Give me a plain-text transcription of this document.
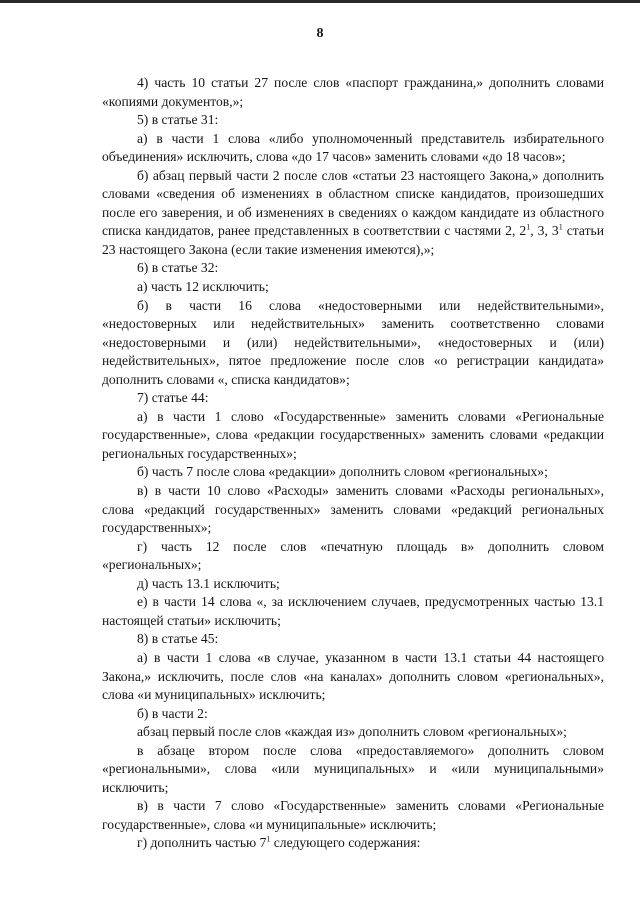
8

4) часть 10 статьи 27 после слов «паспорт гражданина,» дополнить словами «копиями документов,»;

5) в статье 31:

а) в части 1 слова «либо уполномоченный представитель избирательного объединения» исключить, слова «до 17 часов» заменить словами «до 18 часов»;

б) абзац первый части 2 после слов «статьи 23 настоящего Закона,» дополнить словами «сведения об изменениях в областном списке кандидатов, произошедших после его заверения, и об изменениях в сведениях о каждом кандидате из областного списка кандидатов, ранее представленных в соответствии с частями 2, $2^1$, 3, $3^1$ статьи 23 настоящего Закона (если такие изменения имеются),»;

6) в статье 32:

а) часть 12 исключить;

б) в части 16 слова «недостоверными или недействительными», «недостоверных или недействительных» заменить соответственно словами «недостоверными и (или) недействительными», «недостоверных и (или) недействительных», пятое предложение после слов «о регистрации кандидата» дополнить словами «, списка кандидатов»;

7) статье 44:

а) в части 1 слово «Государственные» заменить словами «Региональные государственные», слова «редакции государственных» заменить словами «редакции региональных государственных»;

б) часть 7 после слова «редакции» дополнить словом «региональных»;

в) в части 10 слово «Расходы» заменить словами «Расходы региональных», слова «редакций государственных» заменить словами «редакций региональных государственных»;

г) часть 12 после слов «печатную площадь в» дополнить словом «региональных»;

д) часть 13.1 исключить;

е) в части 14 слова «, за исключением случаев, предусмотренных частью 13.1 настоящей статьи» исключить;

8) в статье 45:

а) в части 1 слова «в случае, указанном в части 13.1 статьи 44 настоящего Закона,» исключить, после слов «на каналах» дополнить словом «региональных», слова «и муниципальных» исключить;

б) в части 2:

абзац первый после слов «каждая из» дополнить словом «региональных»;

в абзаце втором после слова «предоставляемого» дополнить словом «региональными», слова «или муниципальных» и «или муниципальными» исключить;

в) в части 7 слово «Государственные» заменить словами «Региональные государственные», слова «и муниципальные» исключить;

г) дополнить частью $7^1$ следующего содержания:
